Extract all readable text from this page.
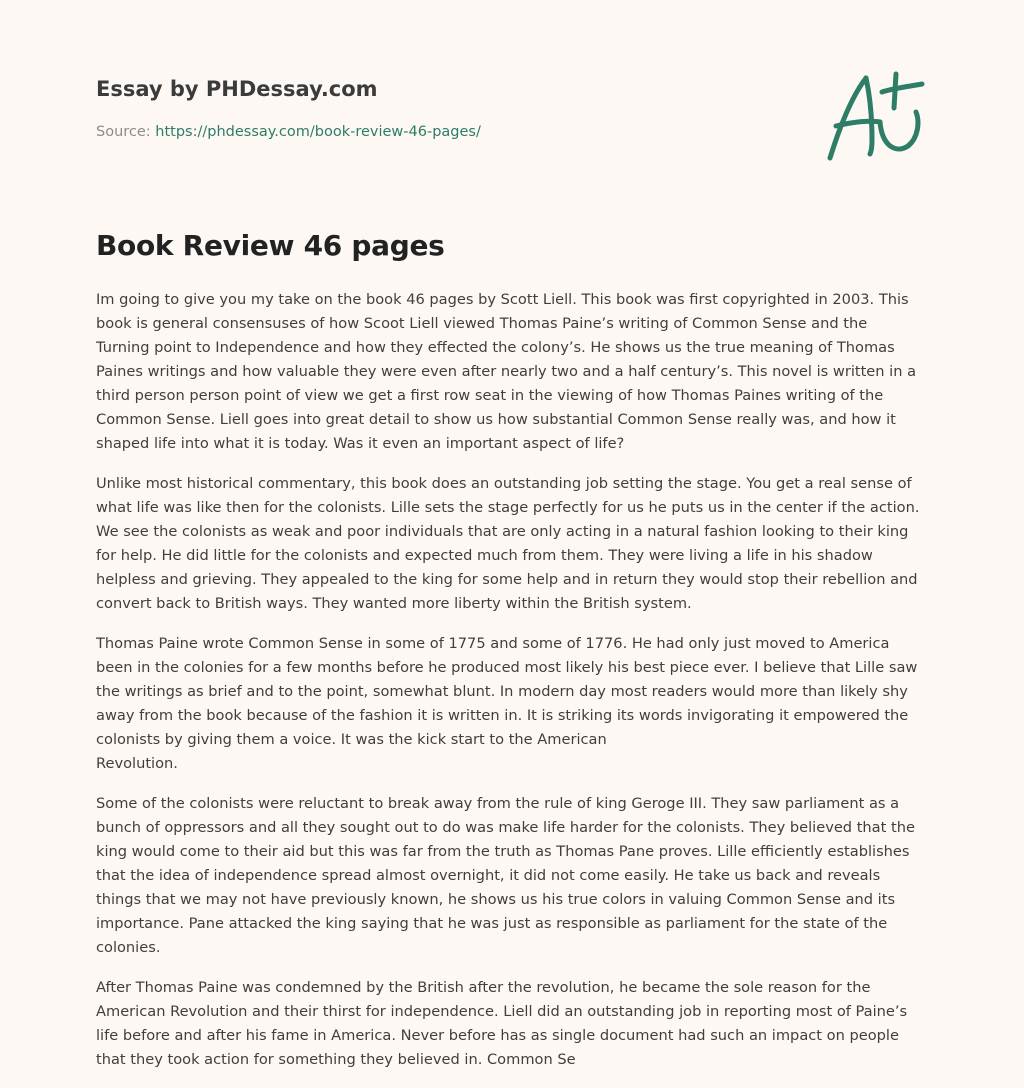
Essay by PHDessay.com
Source: https://phdessay.com/book-review-46-pages/
Book Review 46 pages

Im going to give you my take on the book 46 pages by Scott Liell. This book was first copyrighted in 2003. This
book is general consensuses of how Scoot Liell viewed Thomas Paine’s writing of Common Sense and the
Turning point to Independence and how they effected the colony’s. He shows us the true meaning of Thomas
Paines writings and how valuable they were even after nearly two and a half century’s. This novel is written in a
third person person point of view we get a first row seat in the viewing of how Thomas Paines writing of the
Common Sense. Liell goes into great detail to show us how substantial Common Sense really was, and how it
shaped life into what it is today. Was it even an important aspect of life?

Unlike most historical commentary, this book does an outstanding job setting the stage. You get a real sense of
what life was like then for the colonists. Lille sets the stage perfectly for us he puts us in the center if the action.
We see the colonists as weak and poor individuals that are only acting in a natural fashion looking to their king
for help. He did little for the colonists and expected much from them. They were living a life in his shadow
helpless and grieving. They appealed to the king for some help and in return they would stop their rebellion and
convert back to British ways. They wanted more liberty within the British system.

Thomas Paine wrote Common Sense in some of 1775 and some of 1776. He had only just moved to America
been in the colonies for a few months before he produced most likely his best piece ever. I believe that Lille saw
the writings as brief and to the point, somewhat blunt. In modern day most readers would more than likely shy
away from the book because of the fashion it is written in. It is striking its words invigorating it empowered the
colonists by giving them a voice. It was the kick start to the American
Revolution.

Some of the colonists were reluctant to break away from the rule of king Geroge III. They saw parliament as a
bunch of oppressors and all they sought out to do was make life harder for the colonists. They believed that the
king would come to their aid but this was far from the truth as Thomas Pane proves. Lille efficiently establishes
that the idea of independence spread almost overnight, it did not come easily. He take us back and reveals
things that we may not have previously known, he shows us his true colors in valuing Common Sense and its
importance. Pane attacked the king saying that he was just as responsible as parliament for the state of the
colonies.

After Thomas Paine was condemned by the British after the revolution, he became the sole reason for the
American Revolution and their thirst for independence. Liell did an outstanding job in reporting most of Paine’s
life before and after his fame in America. Never before has as single document had such an impact on people
that they took action for something they believed in. Common Se
